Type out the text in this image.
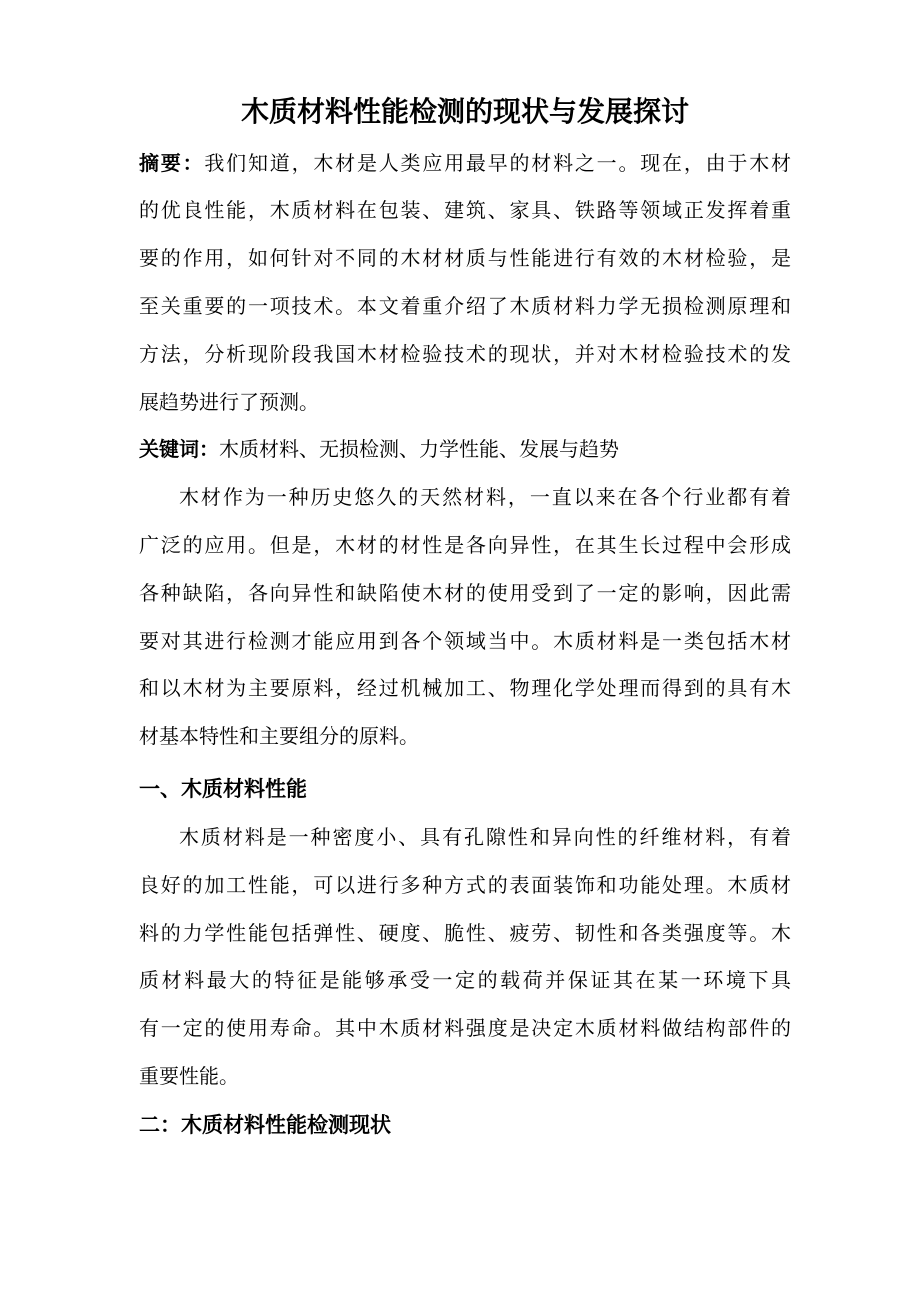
木质材料性能检测的现状与发展探讨
摘要：我们知道，木材是人类应用最早的材料之一。现在，由于木材
的优良性能，木质材料在包装、建筑、家具、铁路等领域正发挥着重
要的作用，如何针对不同的木材材质与性能进行有效的木材检验，是
至关重要的一项技术。本文着重介绍了木质材料力学无损检测原理和
方法，分析现阶段我国木材检验技术的现状，并对木材检验技术的发
展趋势进行了预测。
关键词：木质材料、无损检测、力学性能、发展与趋势
木材作为一种历史悠久的天然材料，一直以来在各个行业都有着
广泛的应用。但是，木材的材性是各向异性，在其生长过程中会形成
各种缺陷，各向异性和缺陷使木材的使用受到了一定的影响，因此需
要对其进行检测才能应用到各个领域当中。木质材料是一类包括木材
和以木材为主要原料，经过机械加工、物理化学处理而得到的具有木
材基本特性和主要组分的原料。
一、木质材料性能
木质材料是一种密度小、具有孔隙性和异向性的纤维材料，有着
良好的加工性能，可以进行多种方式的表面装饰和功能处理。木质材
料的力学性能包括弹性、硬度、脆性、疲劳、韧性和各类强度等。木
质材料最大的特征是能够承受一定的载荷并保证其在某一环境下具
有一定的使用寿命。其中木质材料强度是决定木质材料做结构部件的
重要性能。
二：木质材料性能检测现状
